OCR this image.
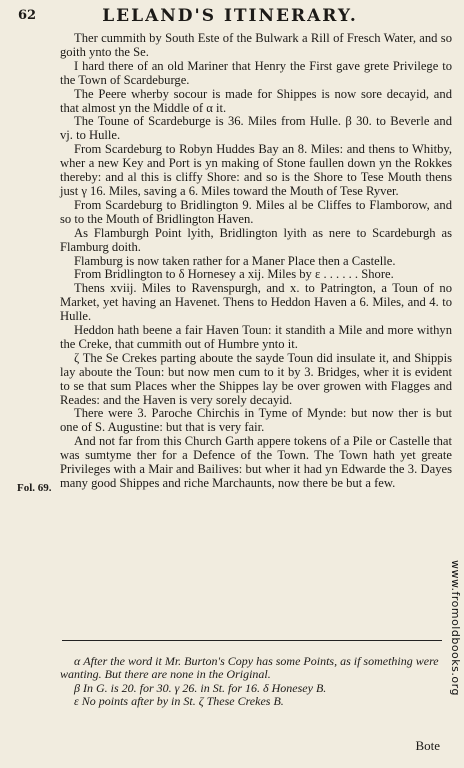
62	LELAND'S ITINERARY.

Ther cummith by South Este of the Bulwark a Rill of Fresch Water, and so goith ynto the Se.

I hard there of an old Mariner that Henry the First gave grete Privilege to the Town of Scardeburge.

The Peere wherby socour is made for Shippes is now sore decayid, and that almost yn the Middle of α it.

The Toune of Scardeburge is 36. Miles from Hulle. β 30. to Beverle and vj. to Hulle.

From Scardeburg to Robyn Huddes Bay an 8. Miles: and thens to Whitby, wher a new Key and Port is yn making of Stone faullen down yn the Rokkes thereby: and al this is cliffy Shore: and so is the Shore to Tese Mouth thens just γ 16. Miles, saving a 6. Miles toward the Mouth of Tese Ryver.

From Scardeburg to Bridlington 9. Miles al be Cliffes to Flamborow, and so to the Mouth of Bridlington Haven.

As Flamburgh Point lyith, Bridlington lyith as nere to Scardeburgh as Flamburg doith.

Flamburg is now taken rather for a Maner Place then a Castelle.

From Bridlington to δ Hornesey a xij. Miles by ε . . . . . . Shore.

Thens xviij. Miles to Ravenspurgh, and x. to Patrington, a Toun of no Market, yet having an Havenet. Thens to Heddon Haven a 6. Miles, and 4. to Hulle.

Heddon hath beene a fair Haven Toun: it standith a Mile and more withyn the Creke, that cummith out of Humbre ynto it.

ζ The Se Crekes parting aboute the sayde Toun did insulate it, and Shippis lay aboute the Toun: but now men cum to it by 3. Bridges, wher it is evident to se that sum Places wher the Shippes lay be over growen with Flagges and Reades: and the Haven is very sorely decayid.

There were 3. Paroche Chirchis in Tyme of Mynde: but now ther is but one of S. Augustine: but that is very fair.

And not far from this Church Garth appere tokens of a Pile or Castelle that was sumtyme ther for a Defence of the Town. The Town hath yet greate Privileges with a Mair and Bailives: but wher it had yn Edwarde the 3. Dayes many good Shippes and riche Marchaunts, now there be but a few.

Fol. 69.

α After the word it Mr. Burton's Copy has some Points, as if something were wanting. But there are none in the Original.

β In G. is 20. for 30. γ 26. in St. for 16. δ Honesey B.

ε No points after by in St. ζ These Crekes B.

Bote
www.fromoldbooks.org
